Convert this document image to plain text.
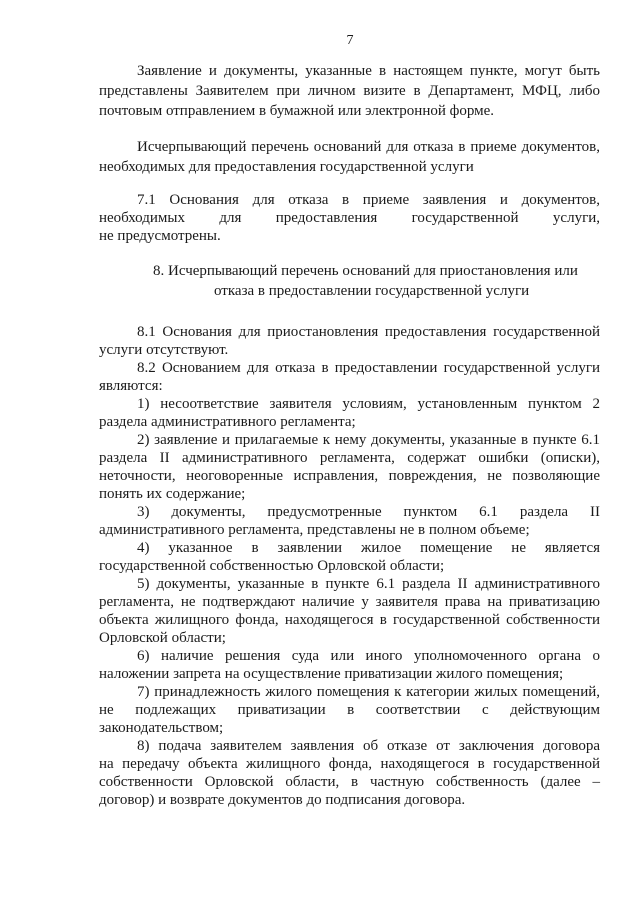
7
Заявление и документы, указанные в настоящем пункте, могут быть
представлены Заявителем при личном визите в Департамент, МФЦ, либо
почтовым отправлением в бумажной или электронной форме.
Исчерпывающий перечень оснований для отказа в приеме документов,
необходимых для предоставления государственной услуги
7.1 Основания для отказа в приеме заявления и документов,
необходимых для предоставления государственной услуги,
не предусмотрены.
8. Исчерпывающий перечень оснований для приостановления или
отказа в предоставлении государственной услуги
8.1 Основания для приостановления предоставления государственной
услуги отсутствуют.
8.2 Основанием для отказа в предоставлении государственной услуги
являются:
1) несоответствие заявителя условиям, установленным пунктом 2
раздела административного регламента;
2) заявление и прилагаемые к нему документы, указанные в пункте 6.1
раздела II административного регламента, содержат ошибки (описки),
неточности, неоговоренные исправления, повреждения, не позволяющие
понять их содержание;
3) документы, предусмотренные пунктом 6.1 раздела II
административного регламента, представлены не в полном объеме;
4) указанное в заявлении жилое помещение не является
государственной собственностью Орловской области;
5) документы, указанные в пункте 6.1 раздела II административного
регламента, не подтверждают наличие у заявителя права на приватизацию
объекта жилищного фонда, находящегося в государственной собственности
Орловской области;
6) наличие решения суда или иного уполномоченного органа о
наложении запрета на осуществление приватизации жилого помещения;
7) принадлежность жилого помещения к категории жилых помещений,
не подлежащих приватизации в соответствии с действующим
законодательством;
8) подача заявителем заявления об отказе от заключения договора
на передачу объекта жилищного фонда, находящегося в государственной
собственности Орловской области, в частную собственность (далее –
договор) и возврате документов до подписания договора.
